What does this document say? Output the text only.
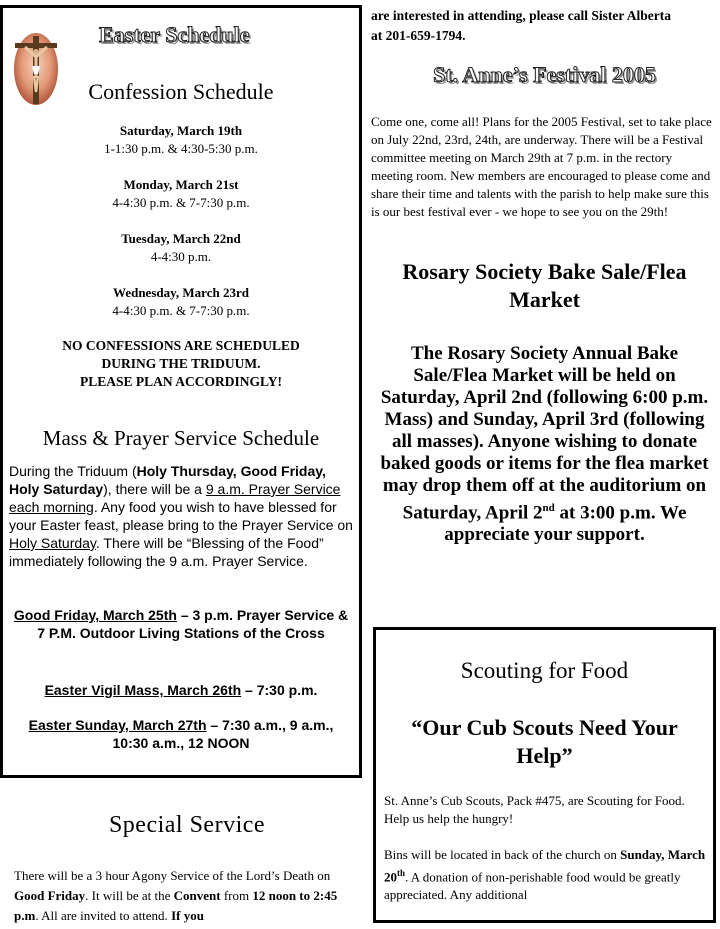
Easter Schedule
Confession Schedule
Saturday, March 19th
1-1:30 p.m. & 4:30-5:30 p.m.
Monday, March 21st
4-4:30 p.m. & 7-7:30 p.m.
Tuesday, March 22nd
4-4:30 p.m.
Wednesday, March 23rd
4-4:30 p.m. & 7-7:30 p.m.
NO CONFESSIONS ARE SCHEDULED
DURING THE TRIDUUM.
PLEASE PLAN ACCORDINGLY!
Mass & Prayer Service Schedule
During the Triduum (Holy Thursday, Good Friday, Holy Saturday), there will be a 9 a.m. Prayer Service each morning. Any food you wish to have blessed for your Easter feast, please bring to the Prayer Service on Holy Saturday. There will be “Blessing of the Food” immediately following the 9 a.m. Prayer Service.
Good Friday, March 25th – 3 p.m. Prayer Service & 7 P.M. Outdoor Living Stations of the Cross
Easter Vigil Mass, March 26th – 7:30 p.m.
Easter Sunday, March 27th – 7:30 a.m., 9 a.m., 10:30 a.m., 12 NOON
Special Service
There will be a 3 hour Agony Service of the Lord’s Death on Good Friday. It will be at the Convent from 12 noon to 2:45 p.m. All are invited to attend. If you
are interested in attending, please call Sister Alberta
at 201-659-1794.
St. Anne’s Festival 2005
Come one, come all! Plans for the 2005 Festival, set to take place on July 22nd, 23rd, 24th, are underway. There will be a Festival committee meeting on March 29th at 7 p.m. in the rectory meeting room. New members are encouraged to please come and share their time and talents with the parish to help make sure this is our best festival ever - we hope to see you on the 29th!
Rosary Society Bake Sale/Flea Market
The Rosary Society Annual Bake Sale/Flea Market will be held on Saturday, April 2nd (following 6:00 p.m. Mass) and Sunday, April 3rd (following all masses). Anyone wishing to donate baked goods or items for the flea market may drop them off at the auditorium on Saturday, April 2nd at 3:00 p.m. We appreciate your support.
Scouting for Food
“Our Cub Scouts Need Your Help”
St. Anne’s Cub Scouts, Pack #475, are Scouting for Food. Help us help the hungry!
Bins will be located in back of the church on Sunday, March 20th. A donation of non-perishable food would be greatly appreciated. Any additional
